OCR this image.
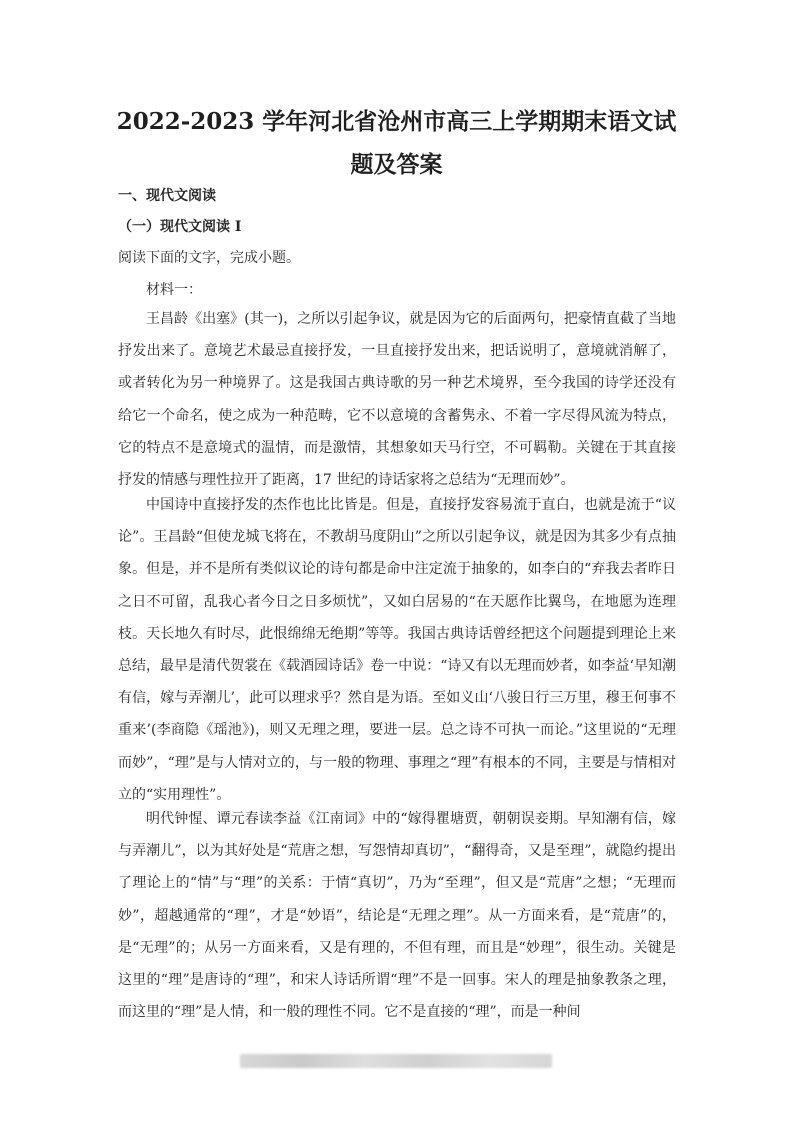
2022-2023 学年河北省沧州市高三上学期期末语文试题及答案
一、现代文阅读
（一）现代文阅读 I
阅读下面的文字，完成小题。
材料一：

王昌龄《出塞》(其一)，之所以引起争议，就是因为它的后面两句，把豪情直截了当地抒发出来了。意境艺术最忌直接抒发，一旦直接抒发出来，把话说明了，意境就消解了，或者转化为另一种境界了。这是我国古典诗歌的另一种艺术境界，至今我国的诗学还没有给它一个命名，使之成为一种范畴，它不以意境的含蓄隽永、不着一字尽得风流为特点，它的特点不是意境式的温情，而是激情，其想象如天马行空，不可羁勒。关键在于其直接抒发的情感与理性拉开了距离，17 世纪的诗话家将之总结为“无理而妙”。

中国诗中直接抒发的杰作也比比皆是。但是，直接抒发容易流于直白，也就是流于“议论”。王昌龄“但使龙城飞将在，不教胡马度阴山”之所以引起争议，就是因为其多少有点抽象。但是，并不是所有类似议论的诗句都是命中注定流于抽象的，如李白的“弃我去者昨日之日不可留，乱我心者今日之日多烦忧”，又如白居易的“在天愿作比翼鸟，在地愿为连理枝。天长地久有时尽，此恨绵绵无绝期”等等。我国古典诗话曾经把这个问题提到理论上来总结，最早是清代贺裳在《载酒园诗话》卷一中说：“诗又有以无理而妙者，如李益‘早知潮有信，嫁与弄潮儿’，此可以理求乎？然自是为语。至如义山‘八骏日行三万里，穆王何事不重来’(李商隐《瑶池》)，则又无理之理，要进一层。总之诗不可执一而论。”这里说的“无理而妙”，“理”是与人情对立的，与一般的物理、事理之“理”有根本的不同，主要是与情相对立的“实用理性”。

明代钟惺、谭元春读李益《江南词》中的“嫁得瞿塘贾，朝朝误妾期。早知潮有信，嫁与弄潮儿”，以为其好处是“荒唐之想，写怨情却真切”，“翻得奇，又是至理”，就隐约提出了理论上的“情”与“理”的关系：于情“真切”，乃为“至理”，但又是“荒唐”之想；“无理而妙”，超越通常的“理”，才是“妙语”，结论是“无理之理”。从一方面来看，是“荒唐”的，是“无理”的；从另一方面来看，又是有理的，不但有理，而且是“妙理”，很生动。关键是这里的“理”是唐诗的“理”，和宋人诗话所谓“理”不是一回事。宋人的理是抽象教条之理，而这里的“理”是人情，和一般的理性不同。它不是直接的“理”，而是一种间
